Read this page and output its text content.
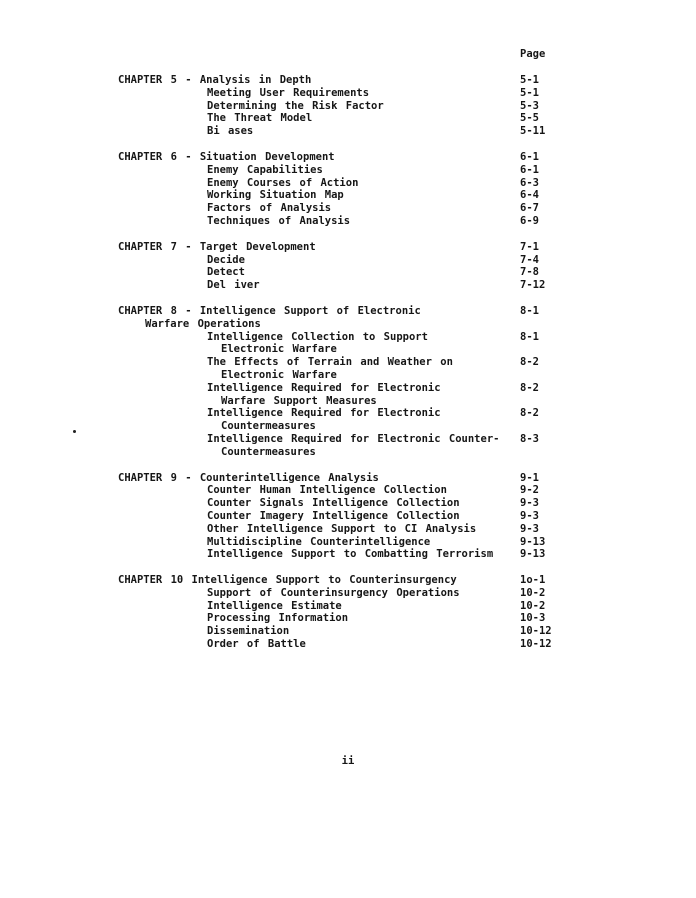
Page
CHAPTER 5 - Analysis in Depth	5-1
Meeting User Requirements	5-1
Determining the Risk Factor	5-3
The Threat Model	5-5
Bi ases	5-11
CHAPTER 6 - Situation Development	6-1
Enemy Capabilities	6-1
Enemy Courses of Action	6-3
Working Situation Map	6-4
Factors of Analysis	6-7
Techniques of Analysis	6-9
CHAPTER 7 - Target Development	7-1
Decide	7-4
Detect	7-8
Del iver	7-12
CHAPTER 8 - Intelligence Support of Electronic	8-1
Warfare Operations
Intelligence Collection to Support	8-1
Electronic Warfare
The Effects of Terrain and Weather on	8-2
Electronic Warfare
Intelligence Required for Electronic	8-2
Warfare Support Measures
Intelligence Required for Electronic	8-2
Countermeasures
Intelligence Required for Electronic Counter- 8-3
Countermeasures
CHAPTER 9 - Counterintelligence Analysis	9-1
Counter Human Intelligence Collection	9-2
Counter Signals Intelligence Collection	9-3
Counter Imagery Intelligence Collection	9-3
Other Intelligence Support to CI Analysis	9-3
Multidiscipline Counterintelligence	9-13
Intelligence Support to Combatting Terrorism	9-13
CHAPTER 10 Intelligence Support to Counterinsurgency	1o-1
Support of Counterinsurgency Operations	10-2
Intelligence Estimate	10-2
Processing Information	10-3
Dissemination	10-12
Order of Battle	10-12
ii
